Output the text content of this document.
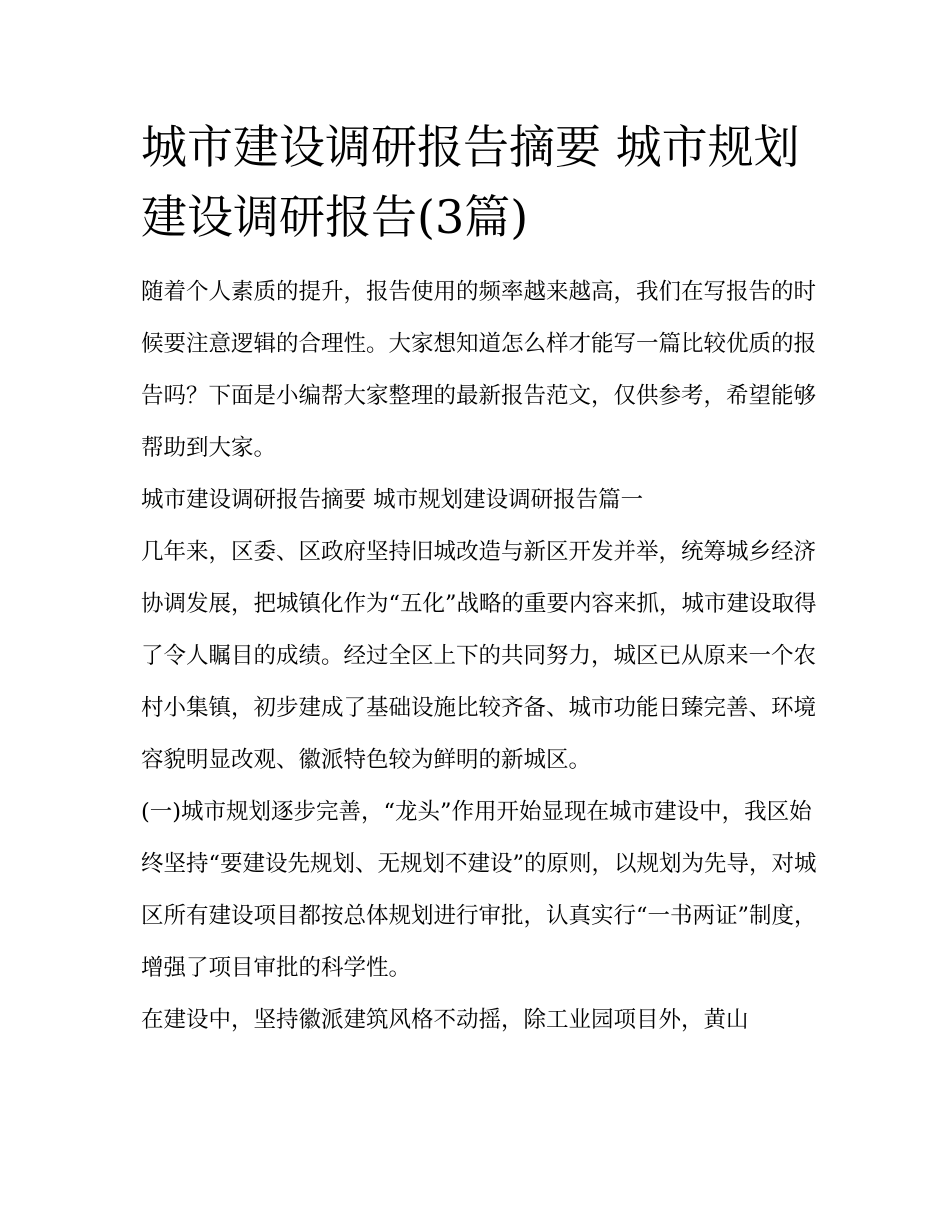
城市建设调研报告摘要 城市规划建设调研报告(3篇)

随着个人素质的提升，报告使用的频率越来越高，我们在写报告的时候要注意逻辑的合理性。大家想知道怎么样才能写一篇比较优质的报告吗？下面是小编帮大家整理的最新报告范文，仅供参考，希望能够帮助到大家。

城市建设调研报告摘要 城市规划建设调研报告篇一

几年来，区委、区政府坚持旧城改造与新区开发并举，统筹城乡经济协调发展，把城镇化作为“五化”战略的重要内容来抓，城市建设取得了令人瞩目的成绩。经过全区上下的共同努力，城区已从原来一个农村小集镇，初步建成了基础设施比较齐备、城市功能日臻完善、环境容貌明显改观、徽派特色较为鲜明的新城区。

(一)城市规划逐步完善，“龙头”作用开始显现在城市建设中，我区始终坚持“要建设先规划、无规划不建设”的原则，以规划为先导，对城区所有建设项目都按总体规划进行审批，认真实行“一书两证”制度，增强了项目审批的科学性。

在建设中，坚持徽派建筑风格不动摇，除工业园项目外，黄山
